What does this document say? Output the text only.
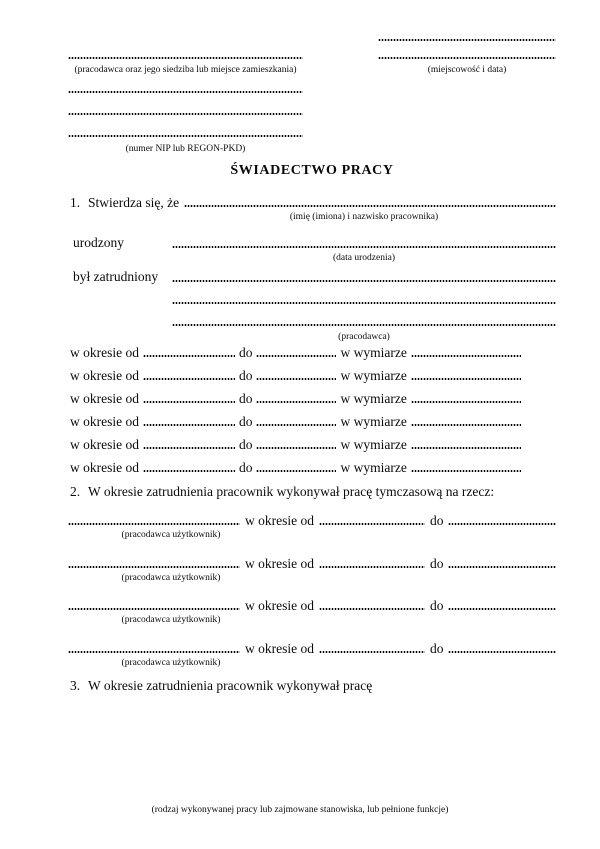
(pracodawca oraz jego siedziba lub miejsce zamieszkania)	(miejscowość i data)
(numer NIP lub REGON-PKD)
ŚWIADECTWO PRACY
1. Stwierdza się, że
(imię (imiona) i nazwisko pracownika)
urodzony
(data urodzenia)
był zatrudniony
(pracodawca)
w okresie od	do	w wymiarze
w okresie od	do	w wymiarze
w okresie od	do	w wymiarze
w okresie od	do	w wymiarze
w okresie od	do	w wymiarze
w okresie od	do	w wymiarze
2. W okresie zatrudnienia pracownik wykonywał pracę tymczasową na rzecz:
w okresie od	do
(pracodawca użytkownik)
w okresie od	do
(pracodawca użytkownik)
w okresie od	do
(pracodawca użytkownik)
w okresie od	do
(pracodawca użytkownik)
3. W okresie zatrudnienia pracownik wykonywał pracę
(rodzaj wykonywanej pracy lub zajmowane stanowiska, lub pełnione funkcje)
